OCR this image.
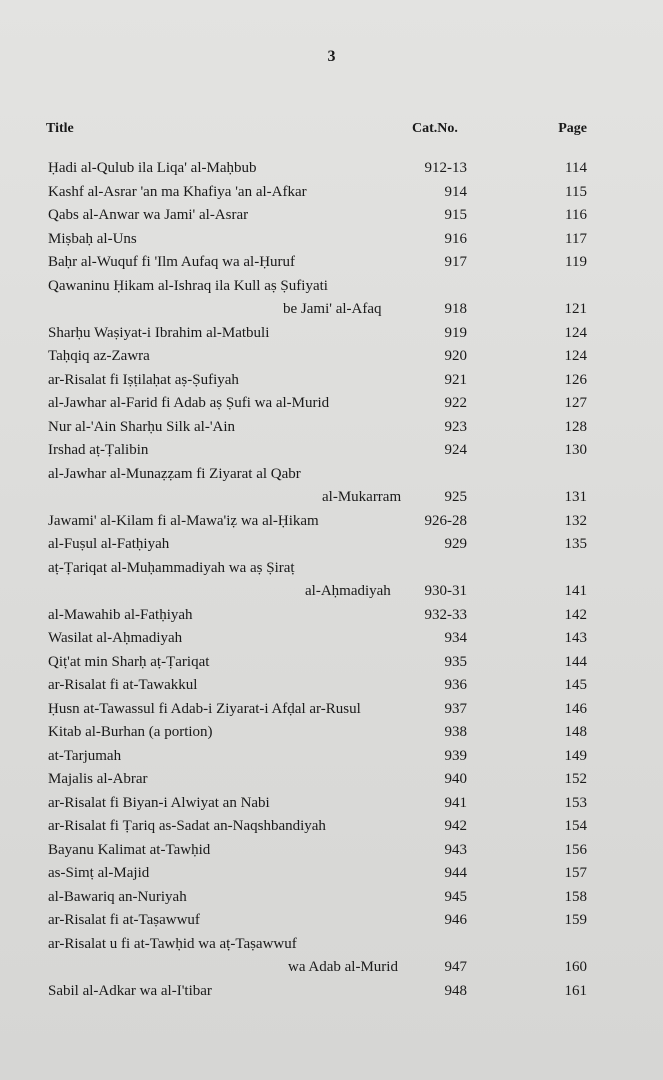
3
Title	Cat.No.	Page
Ḥadi al-Qulub ila Liqa' al-Maḥbub	912-13	114
Kashf al-Asrar 'an ma Khafiya 'an al-Afkar	914	115
Qabs al-Anwar wa Jami' al-Asrar	915	116
Miṣbaḥ al-Uns	916	117
Baḥr al-Wuquf fi 'Ilm Aufaq wa al-Ḥuruf	917	119
Qawaninu Ḥikam al-Ishraq ila Kull aṣ Ṣufiyati
be Jami' al-Afaq	918	121
Sharḥu Waṣiyat-i Ibrahim al-Matbuli	919	124
Taḥqiq az-Zawra	920	124
ar-Risalat fi Iṣṭilaḥat aṣ-Ṣufiyah	921	126
al-Jawhar al-Farid fi Adab aṣ Ṣufi wa al-Murid	922	127
Nur al-'Ain Sharḥu Silk al-'Ain	923	128
Irshad aṭ-Ṭalibin	924	130
al-Jawhar al-Munaẓẓam fi Ziyarat al Qabr
al-Mukarram	925	131
Jawami' al-Kilam fi al-Mawa'iẓ wa al-Ḥikam	926-28	132
al-Fuṣul al-Fatḥiyah	929	135
aṭ-Ṭariqat al-Muḥammadiyah wa aṣ Ṣiraṭ
al-Aḥmadiyah 930-31	141
al-Mawahib al-Fatḥiyah	932-33	142
Wasilat al-Aḥmadiyah	934	143
Qiṭ'at min Sharḥ aṭ-Ṭariqat	935	144
ar-Risalat fi at-Tawakkul	936	145
Ḥusn at-Tawassul fi Adab-i Ziyarat-i Afḍal ar-Rusul	937	146
Kitab al-Burhan (a portion)	938	148
at-Tarjumah	939	149
Majalis al-Abrar	940	152
ar-Risalat fi Biyan-i Alwiyat an Nabi	941	153
ar-Risalat fi Ṭariq as-Sadat an-Naqshbandiyah	942	154
Bayanu Kalimat at-Tawḥid	943	156
as-Simṭ al-Majid	944	157
al-Bawariq an-Nuriyah	945	158
ar-Risalat fi at-Taṣawwuf	946	159
ar-Risalat u fi at-Tawḥid wa aṭ-Taṣawwuf
wa Adab al-Murid	947	160
Sabil al-Adkar wa al-I'tibar	948	161
